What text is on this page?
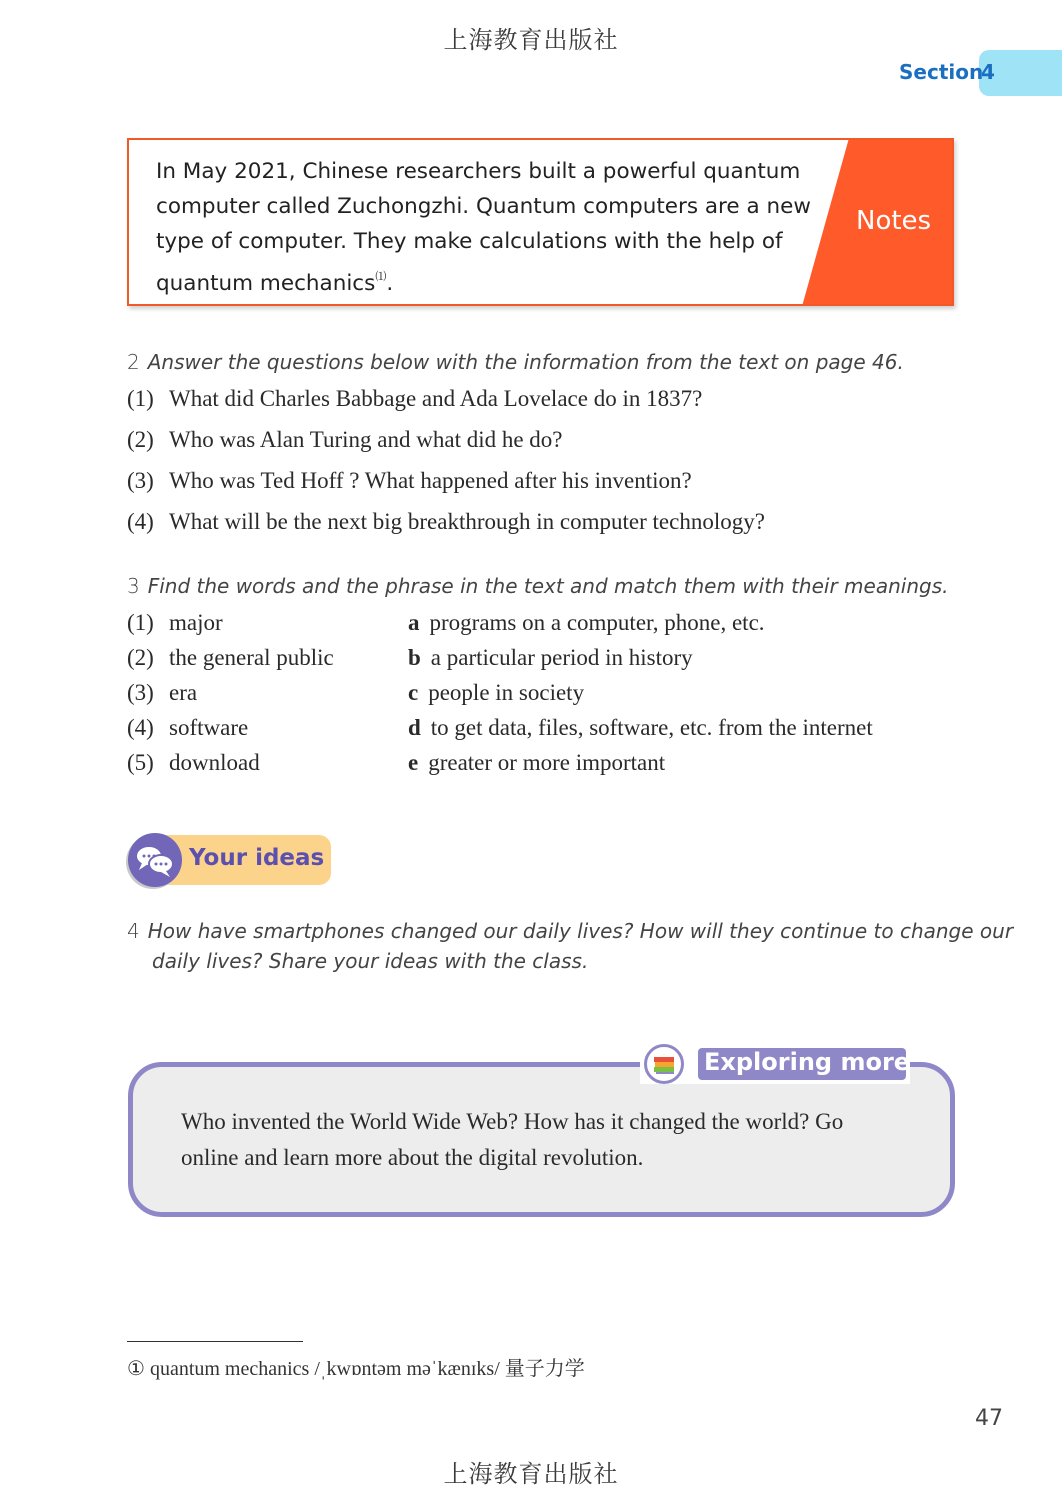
上海教育出版社
Section
4
Notes
In May 2021, Chinese researchers built a powerful quantum
computer called Zuchongzhi. Quantum computers are a new
type of computer. They make calculations with the help of
quantum mechanics⑴.
2 Answer the questions below with the information from the text on page 46.
(1) What did Charles Babbage and Ada Lovelace do in 1837?
(2) Who was Alan Turing and what did he do?
(3) Who was Ted Hoff ? What happened after his invention?
(4) What will be the next big breakthrough in computer technology?
3 Find the words and the phrase in the text and match them with their meanings.
(1) major	a programs on a computer, phone, etc.
(2) the general public	b a particular period in history
(3) era	c people in society
(4) software	d to get data, files, software, etc. from the internet
(5) download	e greater or more important
Your ideas
4 How have smartphones changed our daily lives? How will they continue to change our
daily lives? Share your ideas with the class.
Exploring more
Who invented the World Wide Web? How has it changed the world? Go
online and learn more about the digital revolution.
① quantum mechanics /ˌkwɒntəm məˈkænɪks/ 量子力学
47
上海教育出版社
